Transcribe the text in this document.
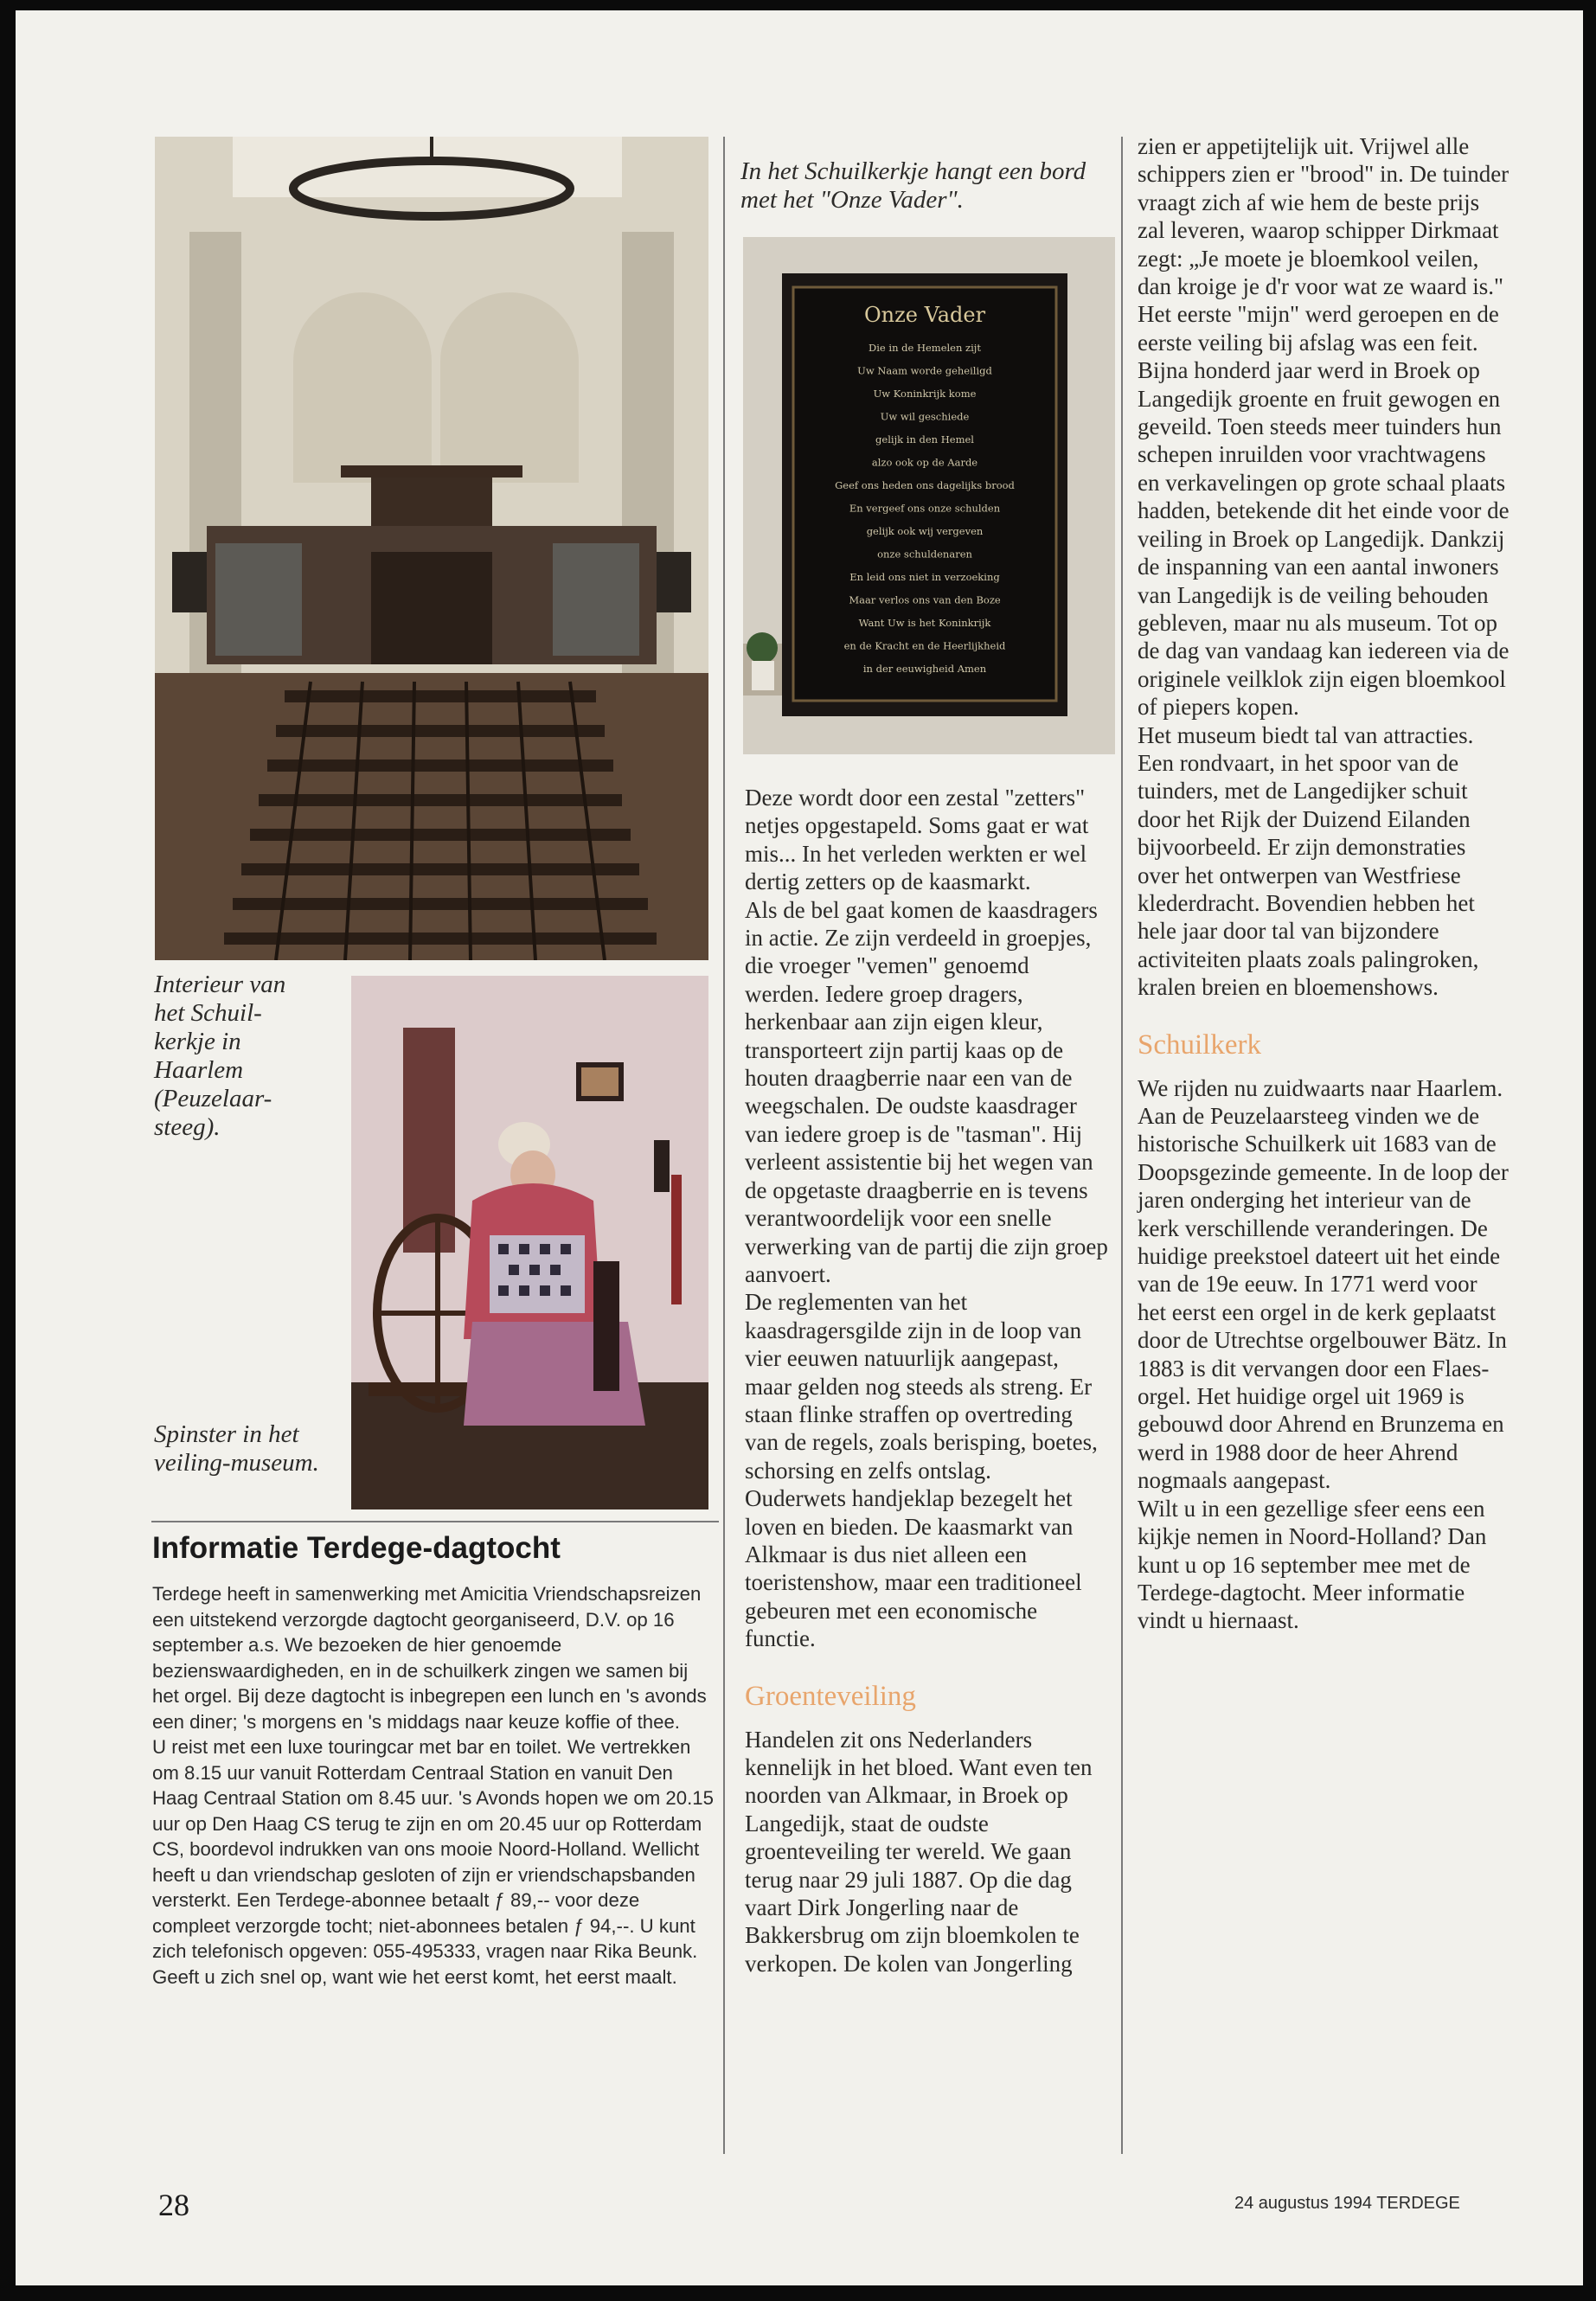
Interieur van het Schuil-kerkje in Haarlem (Peuzelaar-steeg).
Spinster in het veiling-museum.
Informatie Terdege-dagtocht

Terdege heeft in samenwerking met Amicitia Vriendschapsreizen een uitstekend verzorgde dagtocht georganiseerd, D.V. op 16 september a.s. We bezoeken de hier genoemde bezienswaardigheden, en in de schuilkerk zingen we samen bij het orgel. Bij deze dagtocht is inbegrepen een lunch en 's avonds een diner; 's morgens en 's middags naar keuze koffie of thee.

U reist met een luxe touringcar met bar en toilet. We vertrekken om 8.15 uur vanuit Rotterdam Centraal Station en vanuit Den Haag Centraal Station om 8.45 uur. 's Avonds hopen we om 20.15 uur op Den Haag CS terug te zijn en om 20.45 uur op Rotterdam CS, boordevol indrukken van ons mooie Noord-Holland. Wellicht heeft u dan vriendschap gesloten of zijn er vriendschapsbanden versterkt. Een Terdege-abonnee betaalt ƒ 89,-- voor deze compleet verzorgde tocht; niet-abonnees betalen ƒ 94,--. U kunt zich telefonisch opgeven: 055-495333, vragen naar Rika Beunk.

Geeft u zich snel op, want wie het eerst komt, het eerst maalt.

In het Schuilkerkje hangt een bord met het "Onze Vader".
Onze Vader
Die in de Hemelen zijt
Uw Naam worde geheiligd
Uw Koninkrijk kome
Uw wil geschiede
gelijk in den Hemel
alzo ook op de Aarde
Geef ons heden ons dagelijks brood
En vergeef ons onze schulden
gelijk ook wij vergeven
onze schuldenaren
En leid ons niet in verzoeking
Maar verlos ons van den Boze
Want Uw is het Koninkrijk
en de Kracht en de Heerlijkheid
in der eeuwigheid Amen

Deze wordt door een zestal "zetters" netjes opgestapeld. Soms gaat er wat mis... In het verleden werkten er wel dertig zetters op de kaasmarkt.

Als de bel gaat komen de kaasdragers in actie. Ze zijn verdeeld in groepjes, die vroeger "vemen" genoemd werden. Iedere groep dragers, herkenbaar aan zijn eigen kleur, transporteert zijn partij kaas op de houten draagberrie naar een van de weegschalen. De oudste kaasdrager van iedere groep is de "tasman". Hij verleent assistentie bij het wegen van de opgetaste draagberrie en is tevens verantwoordelijk voor een snelle verwerking van de partij die zijn groep aanvoert.

De reglementen van het kaasdragersgilde zijn in de loop van vier eeuwen natuurlijk aangepast, maar gelden nog steeds als streng. Er staan flinke straffen op overtreding van de regels, zoals berisping, boetes, schorsing en zelfs ontslag.

Ouderwets handjeklap bezegelt het loven en bieden. De kaasmarkt van Alkmaar is dus niet alleen een toeristenshow, maar een traditioneel gebeuren met een economische functie.

Groenteveiling

Handelen zit ons Nederlanders kennelijk in het bloed. Want even ten noorden van Alkmaar, in Broek op Langedijk, staat de oudste groenteveiling ter wereld. We gaan terug naar 29 juli 1887. Op die dag vaart Dirk Jongerling naar de Bakkersbrug om zijn bloemkolen te verkopen. De kolen van Jongerling

zien er appetijtelijk uit. Vrijwel alle schippers zien er "brood" in. De tuinder vraagt zich af wie hem de beste prijs zal leveren, waarop schipper Dirkmaat zegt: „Je moete je bloemkool veilen, dan kroige je d'r voor wat ze waard is." Het eerste "mijn" werd geroepen en de eerste veiling bij afslag was een feit.

Bijna honderd jaar werd in Broek op Langedijk groente en fruit gewogen en geveild. Toen steeds meer tuinders hun schepen inruilden voor vrachtwagens en verkavelingen op grote schaal plaats hadden, betekende dit het einde voor de veiling in Broek op Langedijk. Dankzij de inspanning van een aantal inwoners van Langedijk is de veiling behouden gebleven, maar nu als museum. Tot op de dag van vandaag kan iedereen via de originele veilklok zijn eigen bloemkool of piepers kopen.

Het museum biedt tal van attracties. Een rondvaart, in het spoor van de tuinders, met de Langedijker schuit door het Rijk der Duizend Eilanden bijvoorbeeld. Er zijn demonstraties over het ontwerpen van Westfriese klederdracht. Bovendien hebben het hele jaar door tal van bijzondere activiteiten plaats zoals palingroken, kralen breien en bloemenshows.

Schuilkerk

We rijden nu zuidwaarts naar Haarlem. Aan de Peuzelaarsteeg vinden we de historische Schuilkerk uit 1683 van de Doopsgezinde gemeente. In de loop der jaren onderging het interieur van de kerk verschillende veranderingen. De huidige preekstoel dateert uit het einde van de 19e eeuw. In 1771 werd voor het eerst een orgel in de kerk geplaatst door de Utrechtse orgelbouwer Bätz. In 1883 is dit vervangen door een Flaes-orgel. Het huidige orgel uit 1969 is gebouwd door Ahrend en Brunzema en werd in 1988 door de heer Ahrend nogmaals aangepast.

Wilt u in een gezellige sfeer eens een kijkje nemen in Noord-Holland? Dan kunt u op 16 september mee met de Terdege-dagtocht. Meer informatie vindt u hiernaast.

28	24 augustus 1994 TERDEGE
